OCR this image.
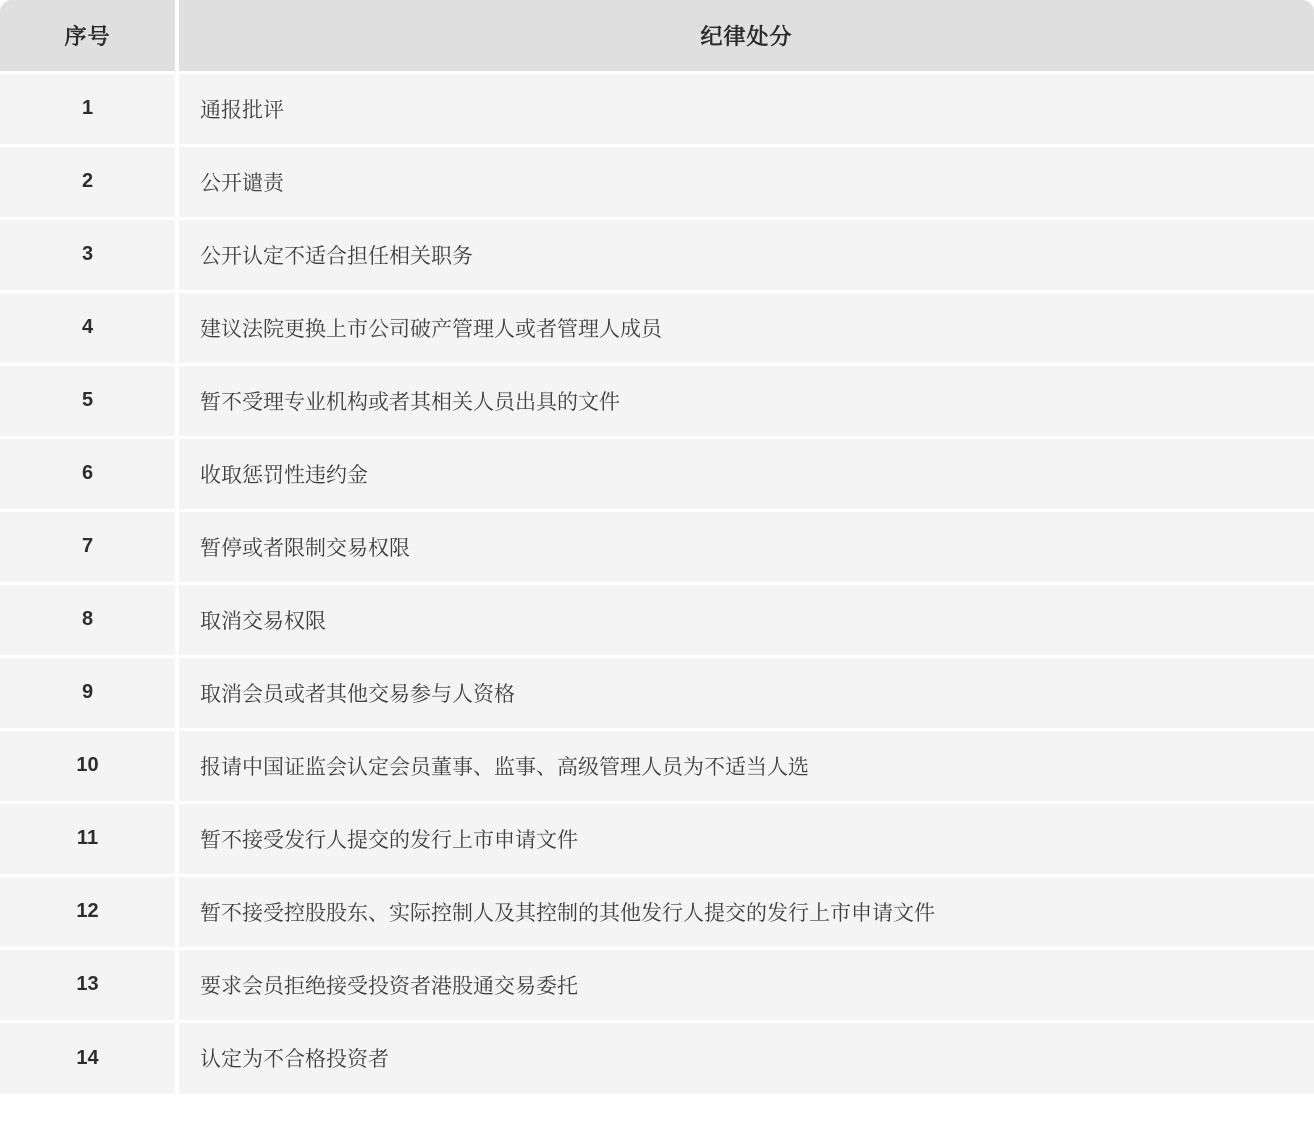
序号	纪律处分
1	通报批评
2	公开谴责
3	公开认定不适合担任相关职务
4	建议法院更换上市公司破产管理人或者管理人成员
5	暂不受理专业机构或者其相关人员出具的文件
6	收取惩罚性违约金
7	暂停或者限制交易权限
8	取消交易权限
9	取消会员或者其他交易参与人资格
10	报请中国证监会认定会员董事、监事、高级管理人员为不适当人选
11	暂不接受发行人提交的发行上市申请文件
12	暂不接受控股股东、实际控制人及其控制的其他发行人提交的发行上市申请文件
13	要求会员拒绝接受投资者港股通交易委托
14	认定为不合格投资者
